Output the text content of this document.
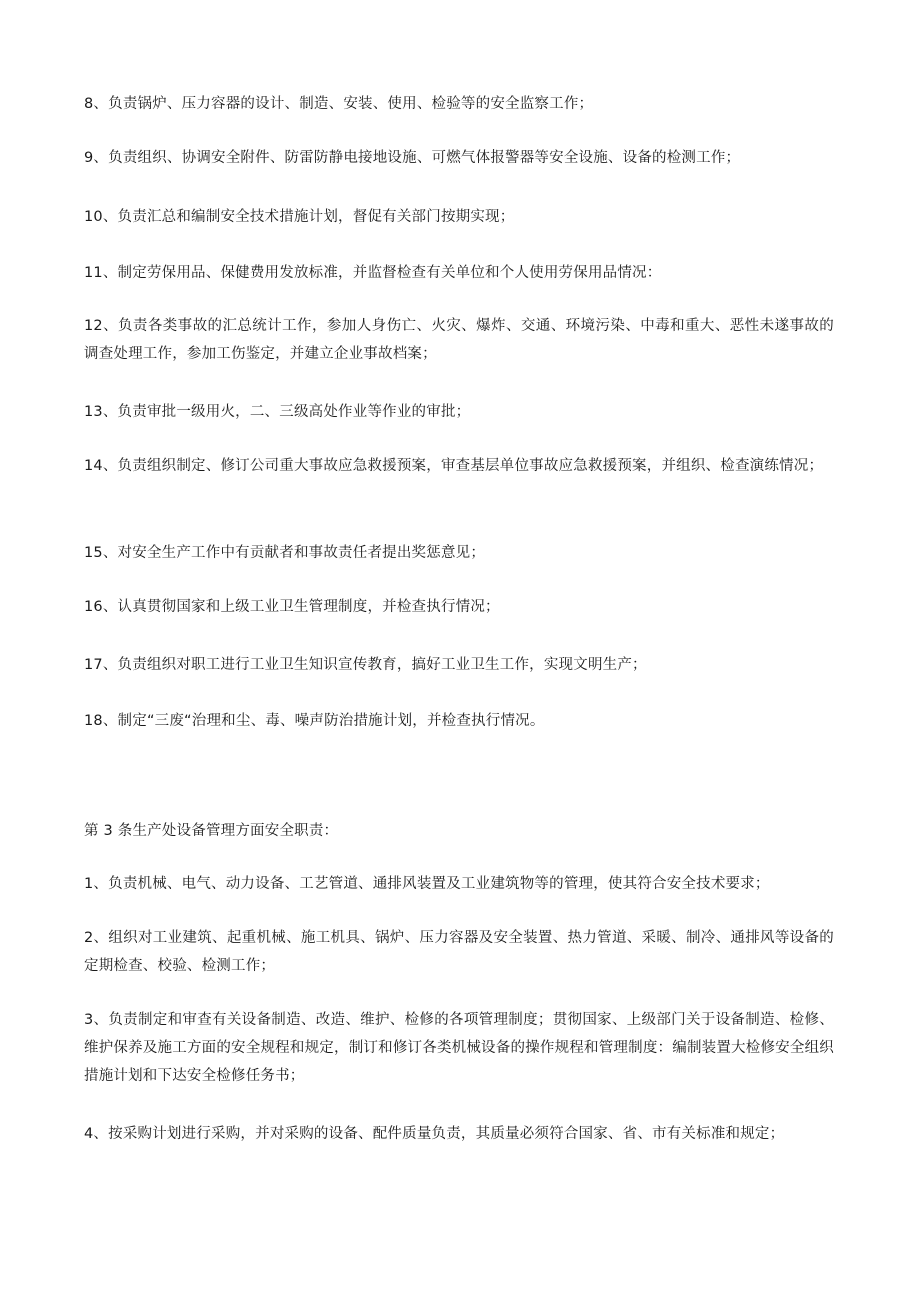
8、负责锅炉、压力容器的设计、制造、安装、使用、检验等的安全监察工作；

9、负责组织、协调安全附件、防雷防静电接地设施、可燃气体报警器等安全设施、设备的检测工作；

10、负责汇总和编制安全技术措施计划，督促有关部门按期实现；

11、制定劳保用品、保健费用发放标准，并监督检查有关单位和个人使用劳保用品情况：

12、负责各类事故的汇总统计工作，参加人身伤亡、火灾、爆炸、交通、环境污染、中毒和重大、恶性未遂事故的调查处理工作，参加工伤鉴定，并建立企业事故档案；

13、负责审批一级用火，二、三级高处作业等作业的审批；

14、负责组织制定、修订公司重大事故应急救援预案，审查基层单位事故应急救援预案，并组织、检查演练情况；

15、对安全生产工作中有贡献者和事故责任者提出奖惩意见；

16、认真贯彻国家和上级工业卫生管理制度，并检查执行情况；

17、负责组织对职工进行工业卫生知识宣传教育，搞好工业卫生工作，实现文明生产；

18、制定“三废“治理和尘、毒、噪声防治措施计划，并检查执行情况。

第 3 条生产处设备管理方面安全职责：

1、负责机械、电气、动力设备、工艺管道、通排风装置及工业建筑物等的管理，使其符合安全技术要求；

2、组织对工业建筑、起重机械、施工机具、锅炉、压力容器及安全装置、热力管道、采暖、制冷、通排风等设备的定期检查、校验、检测工作；

3、负责制定和审查有关设备制造、改造、维护、检修的各项管理制度；贯彻国家、上级部门关于设备制造、检修、维护保养及施工方面的安全规程和规定，制订和修订各类机械设备的操作规程和管理制度：编制装置大检修安全组织措施计划和下达安全检修任务书；

4、按采购计划进行采购，并对采购的设备、配件质量负责，其质量必须符合国家、省、市有关标准和规定；
